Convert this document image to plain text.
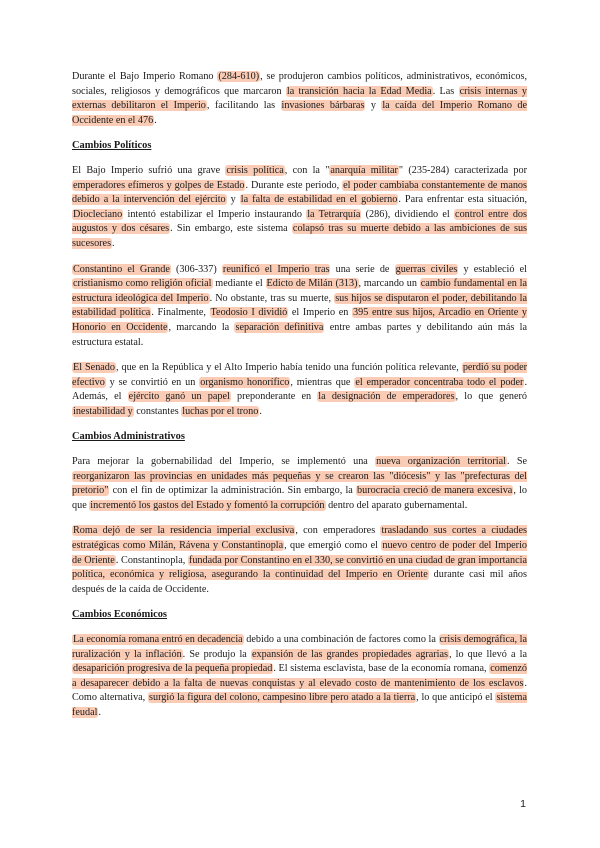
Durante el Bajo Imperio Romano (284-610), se produjeron cambios políticos, administrativos, económicos, sociales, religiosos y demográficos que marcaron la transición hacia la Edad Media. Las crisis internas y externas debilitaron el Imperio, facilitando las invasiones bárbaras y la caída del Imperio Romano de Occidente en el 476.

Cambios Políticos

El Bajo Imperio sufrió una grave crisis política, con la "anarquía militar" (235-284) caracterizada por emperadores efímeros y golpes de Estado. Durante este periodo, el poder cambiaba constantemente de manos debido a la intervención del ejército y la falta de estabilidad en el gobierno. Para enfrentar esta situación, Diocleciano intentó estabilizar el Imperio instaurando la Tetrarquía (286), dividiendo el control entre dos augustos y dos césares. Sin embargo, este sistema colapsó tras su muerte debido a las ambiciones de sus sucesores.

Constantino el Grande (306-337) reunificó el Imperio tras una serie de guerras civiles y estableció el cristianismo como religión oficial mediante el Edicto de Milán (313), marcando un cambio fundamental en la estructura ideológica del Imperio. No obstante, tras su muerte, sus hijos se disputaron el poder, debilitando la estabilidad política. Finalmente, Teodosio I dividió el Imperio en 395 entre sus hijos, Arcadio en Oriente y Honorio en Occidente, marcando la separación definitiva entre ambas partes y debilitando aún más la estructura estatal.

El Senado, que en la República y el Alto Imperio había tenido una función política relevante, perdió su poder efectivo y se convirtió en un organismo honorífico, mientras que el emperador concentraba todo el poder. Además, el ejército ganó un papel preponderante en la designación de emperadores, lo que generó inestabilidad y constantes luchas por el trono.

Cambios Administrativos

Para mejorar la gobernabilidad del Imperio, se implementó una nueva organización territorial. Se reorganizaron las provincias en unidades más pequeñas y se crearon las "diócesis" y las "prefecturas del pretorio" con el fin de optimizar la administración. Sin embargo, la burocracia creció de manera excesiva, lo que incrementó los gastos del Estado y fomentó la corrupción dentro del aparato gubernamental.

Roma dejó de ser la residencia imperial exclusiva, con emperadores trasladando sus cortes a ciudades estratégicas como Milán, Rávena y Constantinopla, que emergió como el nuevo centro de poder del Imperio de Oriente. Constantinopla, fundada por Constantino en el 330, se convirtió en una ciudad de gran importancia política, económica y religiosa, asegurando la continuidad del Imperio en Oriente durante casi mil años después de la caída de Occidente.

Cambios Económicos

La economía romana entró en decadencia debido a una combinación de factores como la crisis demográfica, la ruralización y la inflación. Se produjo la expansión de las grandes propiedades agrarias, lo que llevó a la desaparición progresiva de la pequeña propiedad. El sistema esclavista, base de la economía romana, comenzó a desaparecer debido a la falta de nuevas conquistas y al elevado costo de mantenimiento de los esclavos. Como alternativa, surgió la figura del colono, campesino libre pero atado a la tierra, lo que anticipó el sistema feudal.

1
